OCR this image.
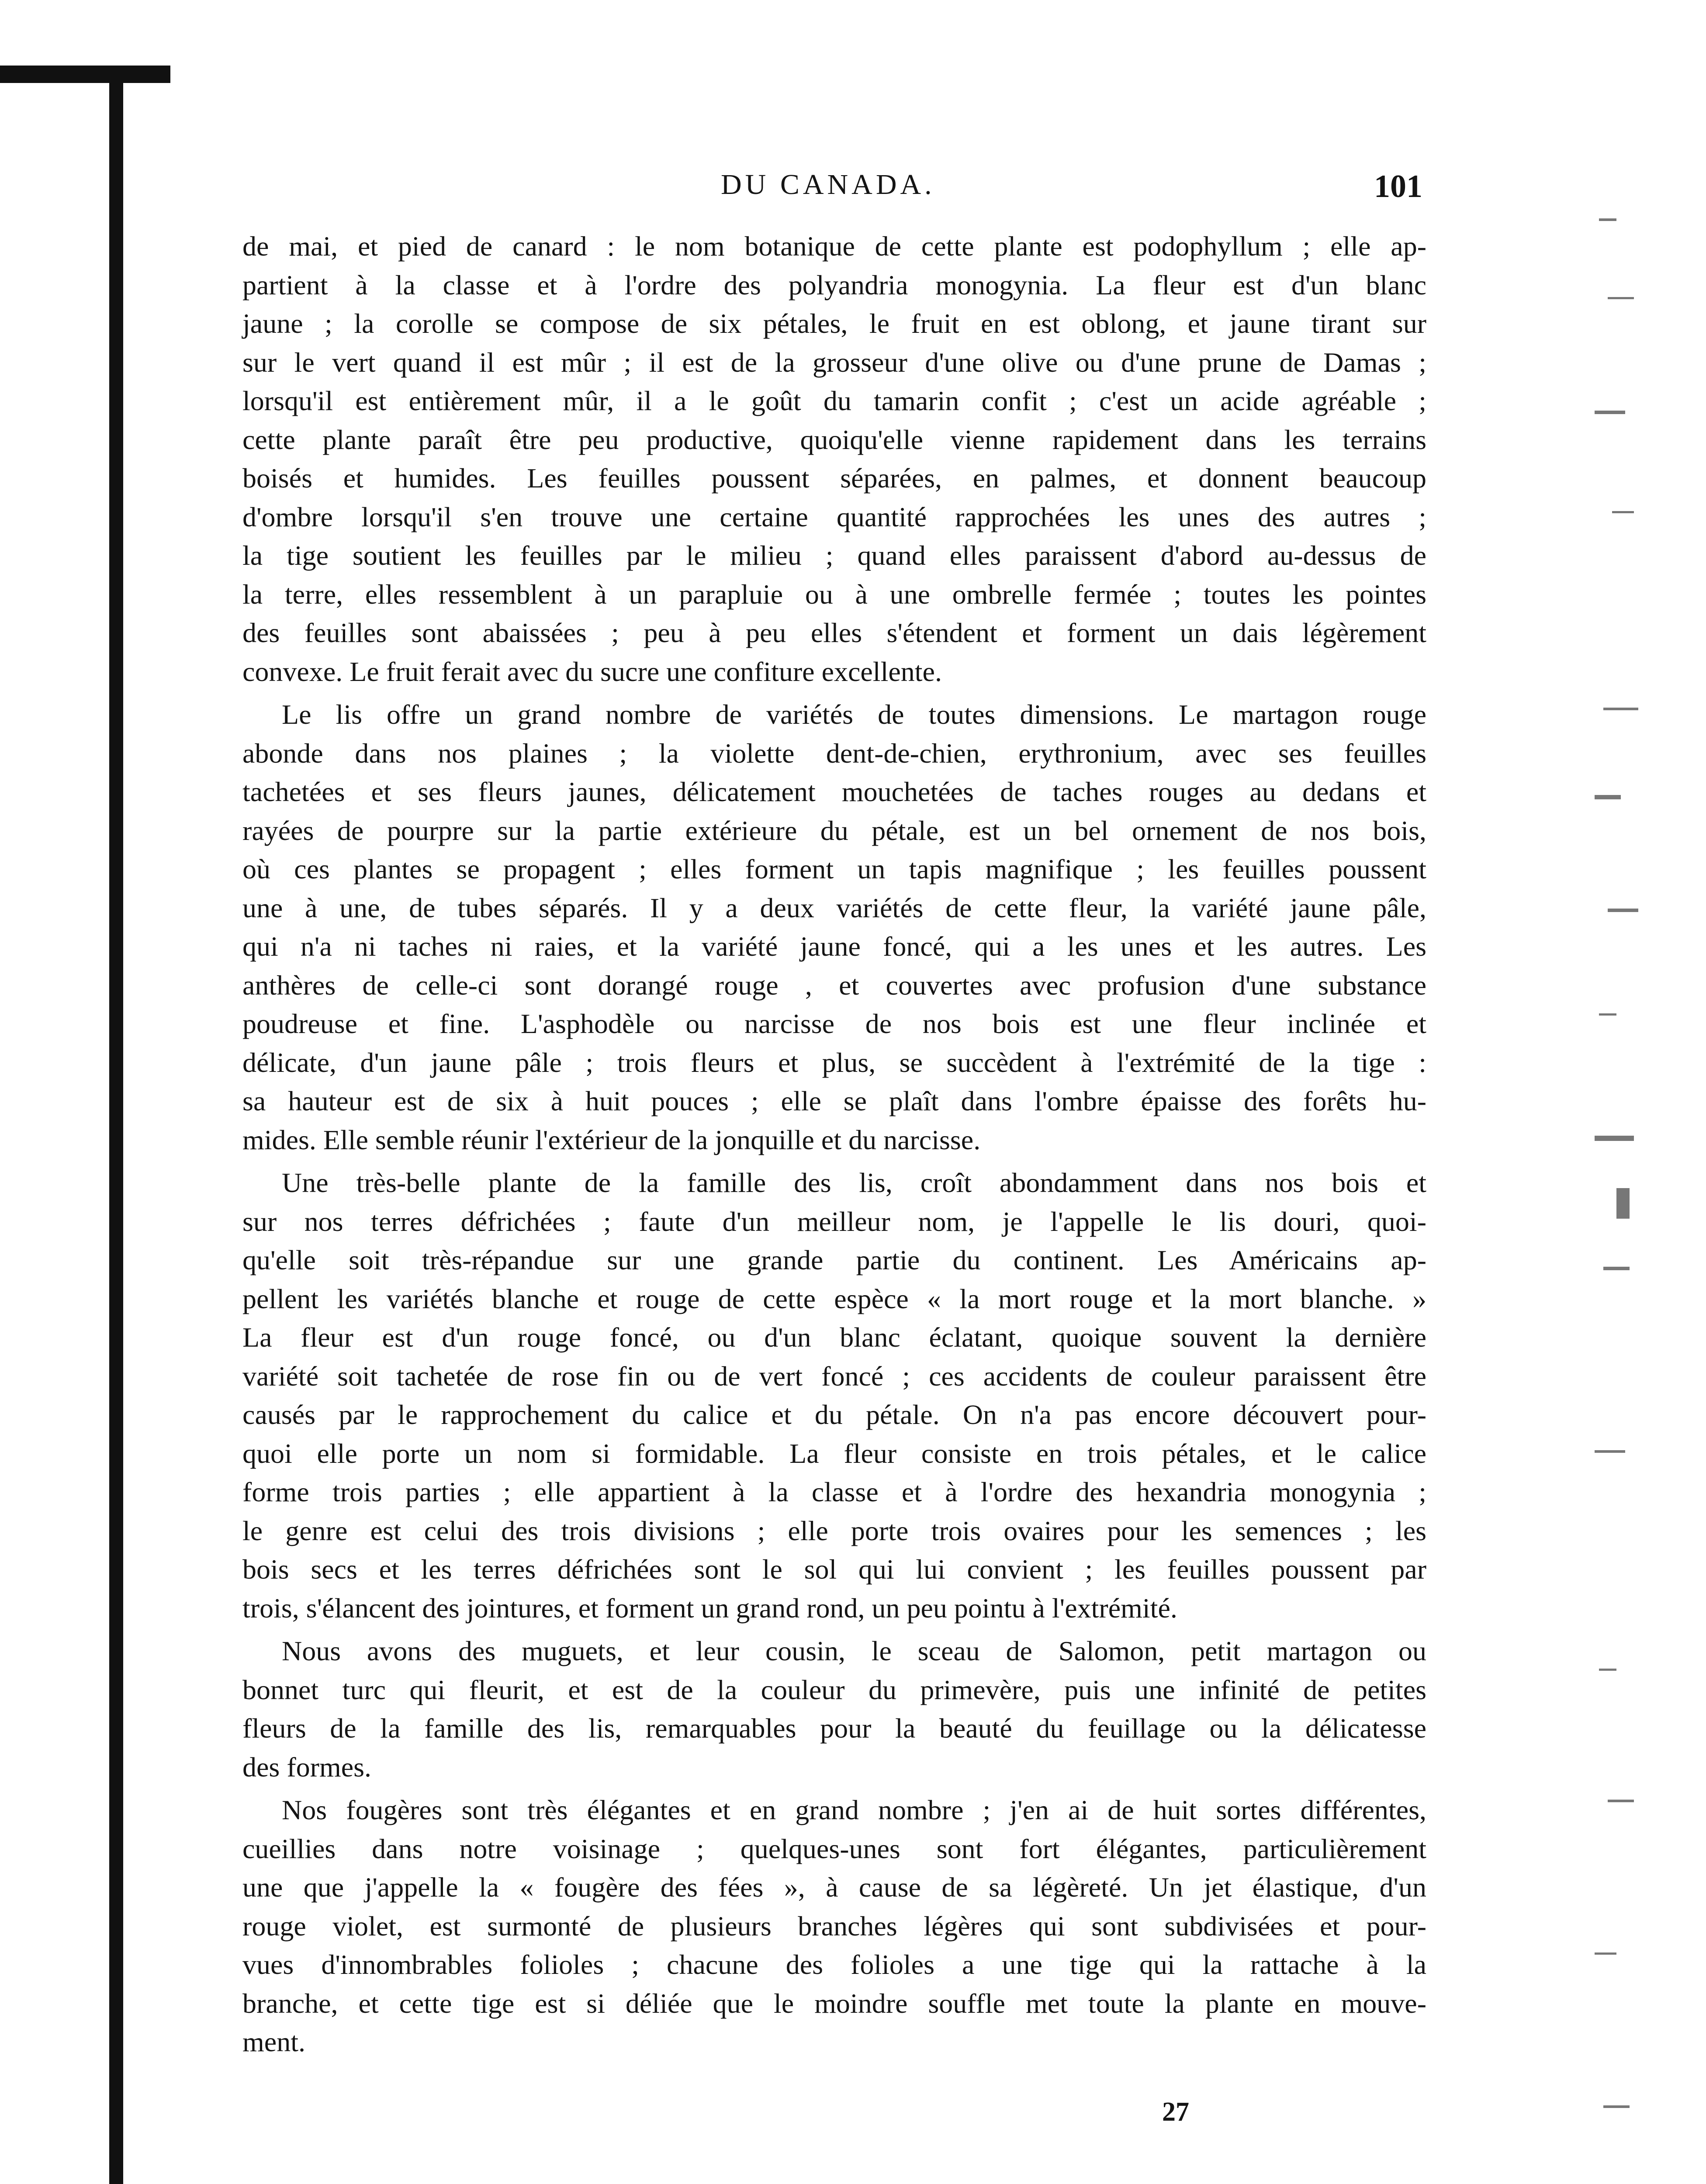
DU CANADA.	101
de mai, et pied de canard : le nom botanique de cette plante est podophyllum ; elle ap-
partient à la classe et à l'ordre des polyandria monogynia. La fleur est d'un blanc
jaune ; la corolle se compose de six pétales, le fruit en est oblong, et jaune tirant sur
sur le vert quand il est mûr ; il est de la grosseur d'une olive ou d'une prune de Damas ;
lorsqu'il est entièrement mûr, il a le goût du tamarin confit ; c'est un acide agréable ;
cette plante paraît être peu productive, quoiqu'elle vienne rapidement dans les terrains
boisés et humides. Les feuilles poussent séparées, en palmes, et donnent beaucoup
d'ombre lorsqu'il s'en trouve une certaine quantité rapprochées les unes des autres ;
la tige soutient les feuilles par le milieu ; quand elles paraissent d'abord au-dessus de
la terre, elles ressemblent à un parapluie ou à une ombrelle fermée ; toutes les pointes
des feuilles sont abaissées ; peu à peu elles s'étendent et forment un dais légèrement
convexe. Le fruit ferait avec du sucre une confiture excellente.
Le lis offre un grand nombre de variétés de toutes dimensions. Le martagon rouge
abonde dans nos plaines ; la violette dent-de-chien, erythronium, avec ses feuilles
tachetées et ses fleurs jaunes, délicatement mouchetées de taches rouges au dedans et
rayées de pourpre sur la partie extérieure du pétale, est un bel ornement de nos bois,
où ces plantes se propagent ; elles forment un tapis magnifique ; les feuilles poussent
une à une, de tubes séparés. Il y a deux variétés de cette fleur, la variété jaune pâle,
qui n'a ni taches ni raies, et la variété jaune foncé, qui a les unes et les autres. Les
anthères de celle-ci sont dorangé rouge , et couvertes avec profusion d'une substance
poudreuse et fine. L'asphodèle ou narcisse de nos bois est une fleur inclinée et
délicate, d'un jaune pâle ; trois fleurs et plus, se succèdent à l'extrémité de la tige :
sa hauteur est de six à huit pouces ; elle se plaît dans l'ombre épaisse des forêts hu-
mides. Elle semble réunir l'extérieur de la jonquille et du narcisse.
Une très-belle plante de la famille des lis, croît abondamment dans nos bois et
sur nos terres défrichées ; faute d'un meilleur nom, je l'appelle le lis douri, quoi-
qu'elle soit très-répandue sur une grande partie du continent. Les Américains ap-
pellent les variétés blanche et rouge de cette espèce « la mort rouge et la mort blanche. »
La fleur est d'un rouge foncé, ou d'un blanc éclatant, quoique souvent la dernière
variété soit tachetée de rose fin ou de vert foncé ; ces accidents de couleur paraissent être
causés par le rapprochement du calice et du pétale. On n'a pas encore découvert pour-
quoi elle porte un nom si formidable. La fleur consiste en trois pétales, et le calice
forme trois parties ; elle appartient à la classe et à l'ordre des hexandria monogynia ;
le genre est celui des trois divisions ; elle porte trois ovaires pour les semences ; les
bois secs et les terres défrichées sont le sol qui lui convient ; les feuilles poussent par
trois, s'élancent des jointures, et forment un grand rond, un peu pointu à l'extrémité.
Nous avons des muguets, et leur cousin, le sceau de Salomon, petit martagon ou
bonnet turc qui fleurit, et est de la couleur du primevère, puis une infinité de petites
fleurs de la famille des lis, remarquables pour la beauté du feuillage ou la délicatesse
des formes.
Nos fougères sont très élégantes et en grand nombre ; j'en ai de huit sortes différentes,
cueillies dans notre voisinage ; quelques-unes sont fort élégantes, particulièrement
une que j'appelle la « fougère des fées », à cause de sa légèreté. Un jet élastique, d'un
rouge violet, est surmonté de plusieurs branches légères qui sont subdivisées et pour-
vues d'innombrables folioles ; chacune des folioles a une tige qui la rattache à la
branche, et cette tige est si déliée que le moindre souffle met toute la plante en mouve-
ment.
27
